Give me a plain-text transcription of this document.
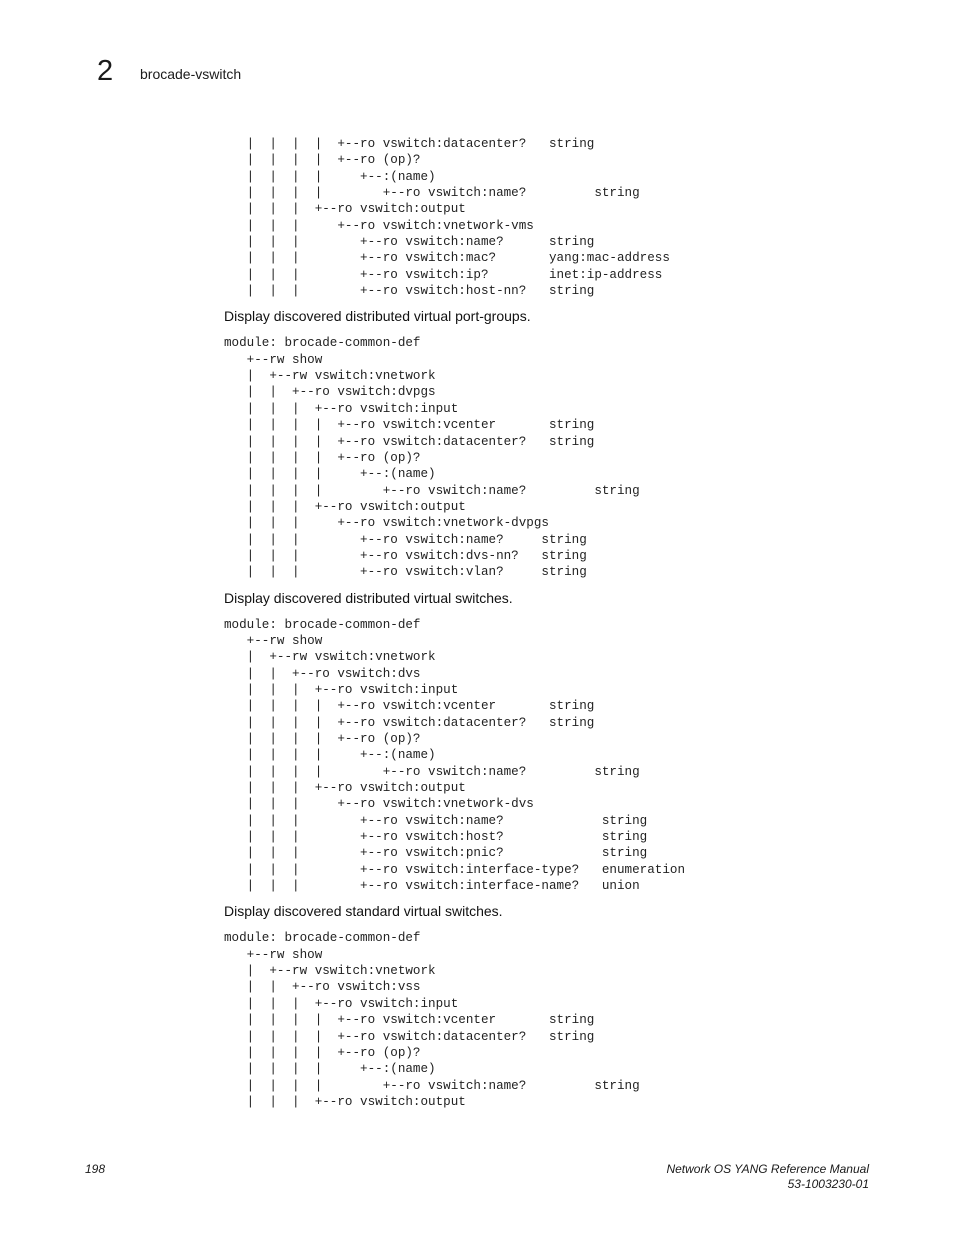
2 brocade-vswitch
|  |  |  |  +--ro vswitch:datacenter?   string
|  |  |  |  +--ro (op)?
|  |  |  |     +--:(name)
|  |  |  |        +--ro vswitch:name?         string
|  |  |  +--ro vswitch:output
|  |  |     +--ro vswitch:vnetwork-vms
|  |  |        +--ro vswitch:name?      string
|  |  |        +--ro vswitch:mac?       yang:mac-address
|  |  |        +--ro vswitch:ip?        inet:ip-address
|  |  |        +--ro vswitch:host-nn?   string

Display discovered distributed virtual port-groups.

module: brocade-common-def
+--rw show
|  +--rw vswitch:vnetwork
|  |  +--ro vswitch:dvpgs
|  |  |  +--ro vswitch:input
|  |  |  |  +--ro vswitch:vcenter       string
|  |  |  |  +--ro vswitch:datacenter?   string
|  |  |  |  +--ro (op)?
|  |  |  |     +--:(name)
|  |  |  |        +--ro vswitch:name?         string
|  |  |  +--ro vswitch:output
|  |  |     +--ro vswitch:vnetwork-dvpgs
|  |  |        +--ro vswitch:name?     string
|  |  |        +--ro vswitch:dvs-nn?   string
|  |  |        +--ro vswitch:vlan?     string

Display discovered distributed virtual switches.

module: brocade-common-def
+--rw show
|  +--rw vswitch:vnetwork
|  |  +--ro vswitch:dvs
|  |  |  +--ro vswitch:input
|  |  |  |  +--ro vswitch:vcenter       string
|  |  |  |  +--ro vswitch:datacenter?   string
|  |  |  |  +--ro (op)?
|  |  |  |     +--:(name)
|  |  |  |        +--ro vswitch:name?         string
|  |  |  +--ro vswitch:output
|  |  |     +--ro vswitch:vnetwork-dvs
|  |  |        +--ro vswitch:name?             string
|  |  |        +--ro vswitch:host?             string
|  |  |        +--ro vswitch:pnic?             string
|  |  |        +--ro vswitch:interface-type?   enumeration
|  |  |        +--ro vswitch:interface-name?   union

Display discovered standard virtual switches.

module: brocade-common-def
+--rw show
|  +--rw vswitch:vnetwork
|  |  +--ro vswitch:vss
|  |  |  +--ro vswitch:input
|  |  |  |  +--ro vswitch:vcenter       string
|  |  |  |  +--ro vswitch:datacenter?   string
|  |  |  |  +--ro (op)?
|  |  |  |     +--:(name)
|  |  |  |        +--ro vswitch:name?         string
|  |  |  +--ro vswitch:output
198	Network OS YANG Reference Manual
53-1003230-01
